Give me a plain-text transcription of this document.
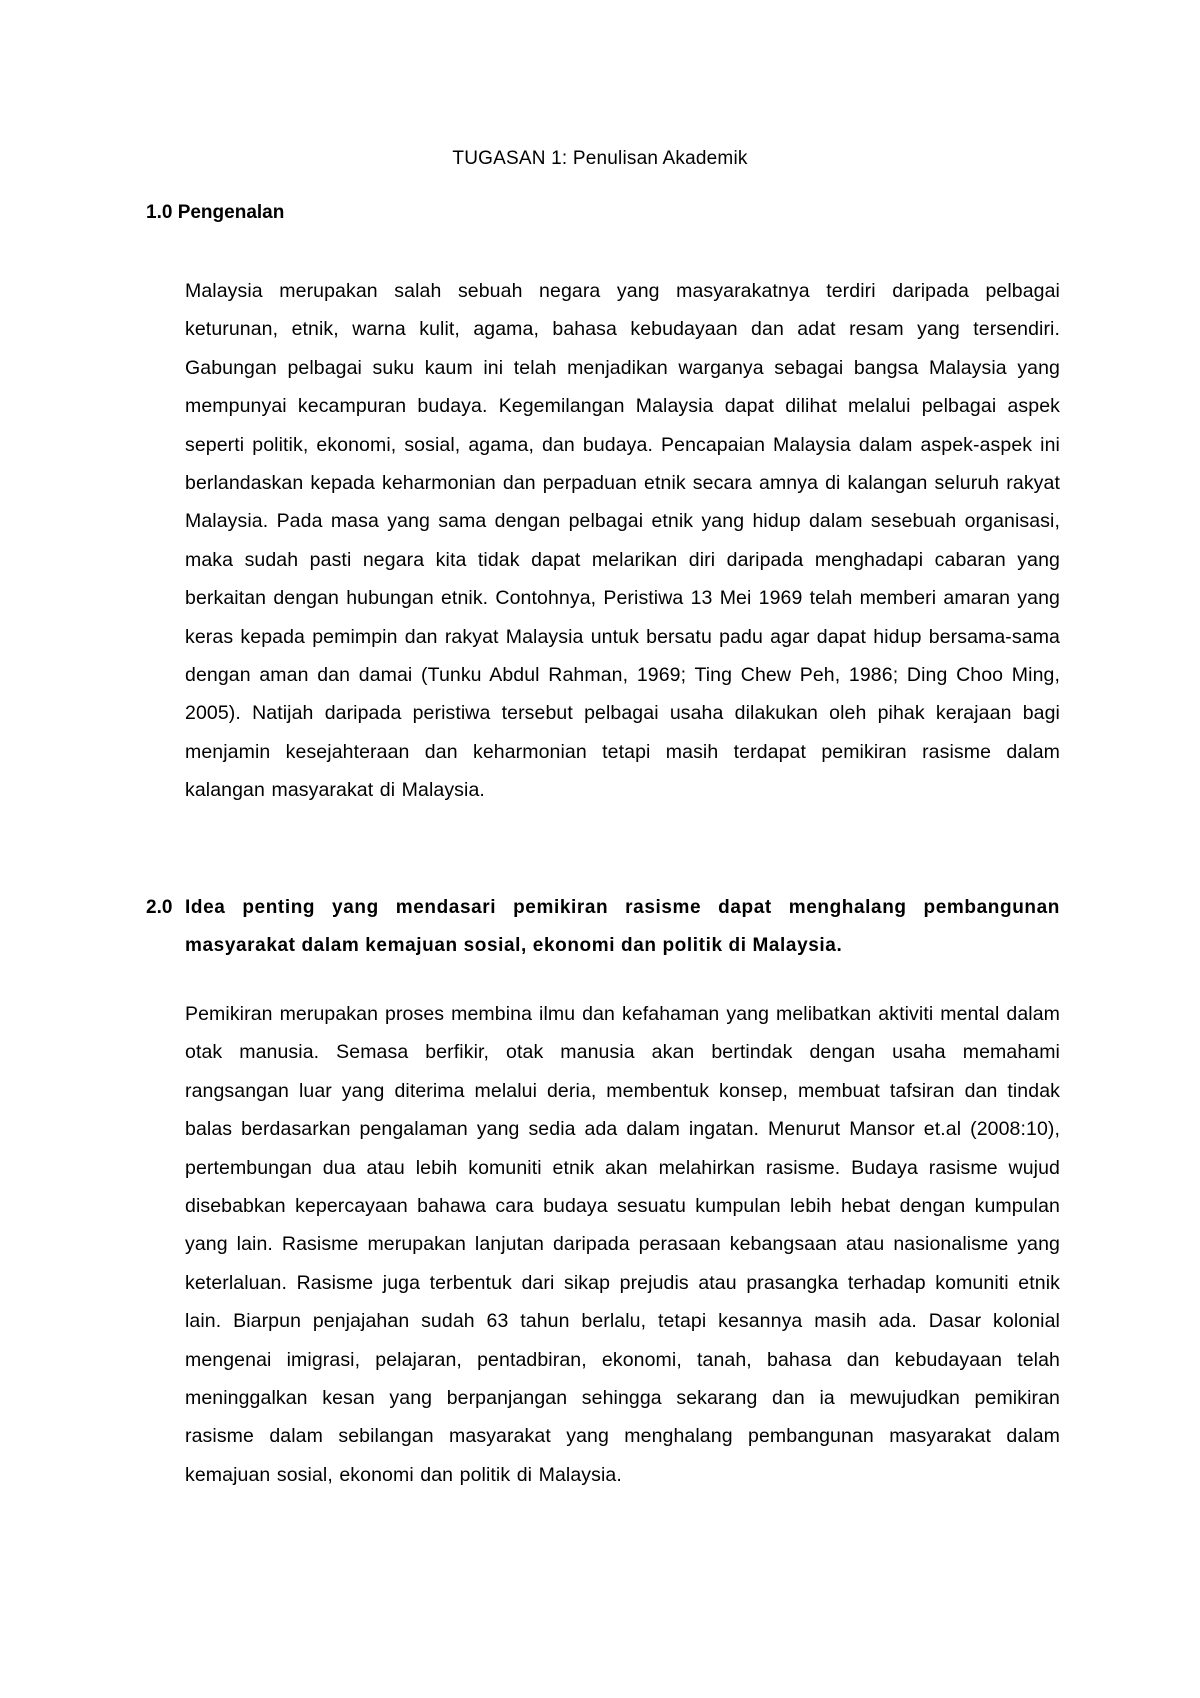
TUGASAN 1: Penulisan Akademik
1.0 Pengenalan
Malaysia merupakan salah sebuah negara yang masyarakatnya terdiri daripada pelbagai keturunan, etnik, warna kulit, agama, bahasa kebudayaan dan adat resam yang tersendiri. Gabungan pelbagai suku kaum ini telah menjadikan warganya sebagai bangsa Malaysia yang mempunyai kecampuran budaya. Kegemilangan Malaysia dapat dilihat melalui pelbagai aspek seperti politik, ekonomi, sosial, agama, dan budaya. Pencapaian Malaysia dalam aspek-aspek ini berlandaskan kepada keharmonian dan perpaduan etnik secara amnya di kalangan seluruh rakyat Malaysia. Pada masa yang sama dengan pelbagai etnik yang hidup dalam sesebuah organisasi, maka sudah pasti negara kita tidak dapat melarikan diri daripada menghadapi cabaran yang berkaitan dengan hubungan etnik. Contohnya, Peristiwa 13 Mei 1969 telah memberi amaran yang keras kepada pemimpin dan rakyat Malaysia untuk bersatu padu agar dapat hidup bersama-sama dengan aman dan damai (Tunku Abdul Rahman, 1969; Ting Chew Peh, 1986; Ding Choo Ming, 2005). Natijah daripada peristiwa tersebut pelbagai usaha dilakukan oleh pihak kerajaan bagi menjamin kesejahteraan dan keharmonian tetapi masih terdapat pemikiran rasisme dalam kalangan masyarakat di Malaysia.
2.0 Idea penting yang mendasari pemikiran rasisme dapat menghalang pembangunan masyarakat dalam kemajuan sosial, ekonomi dan politik di Malaysia.
Pemikiran merupakan proses membina ilmu dan kefahaman yang melibatkan aktiviti mental dalam otak manusia. Semasa berfikir, otak manusia akan bertindak dengan usaha memahami rangsangan luar yang diterima melalui deria, membentuk konsep, membuat tafsiran dan tindak balas berdasarkan pengalaman yang sedia ada dalam ingatan. Menurut Mansor et.al (2008:10), pertembungan dua atau lebih komuniti etnik akan melahirkan rasisme. Budaya rasisme wujud disebabkan kepercayaan bahawa cara budaya sesuatu kumpulan lebih hebat dengan kumpulan yang lain. Rasisme merupakan lanjutan daripada perasaan kebangsaan atau nasionalisme yang keterlaluan. Rasisme juga terbentuk dari sikap prejudis atau prasangka terhadap komuniti etnik lain. Biarpun penjajahan sudah 63 tahun berlalu, tetapi kesannya masih ada. Dasar kolonial mengenai imigrasi, pelajaran, pentadbiran, ekonomi, tanah, bahasa dan kebudayaan telah meninggalkan kesan yang berpanjangan sehingga sekarang dan ia mewujudkan pemikiran rasisme dalam sebilangan masyarakat yang menghalang pembangunan masyarakat dalam kemajuan sosial, ekonomi dan politik di Malaysia.
